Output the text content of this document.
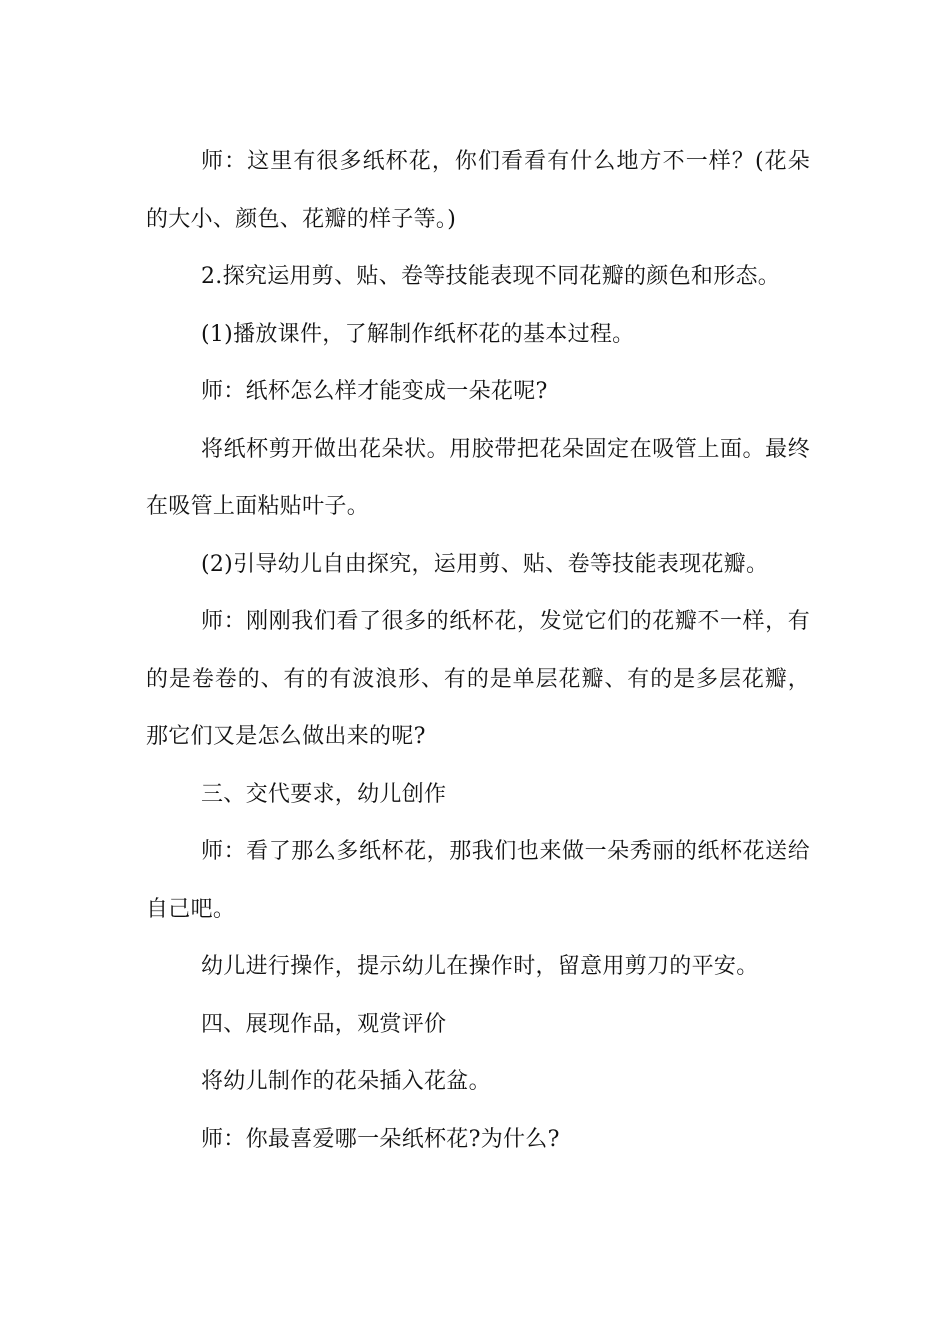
师：这里有很多纸杯花，你们看看有什么地方不一样？(花朵的大小、颜色、花瓣的样子等。)

2.探究运用剪、贴、卷等技能表现不同花瓣的颜色和形态。

(1)播放课件，了解制作纸杯花的基本过程。

师：纸杯怎么样才能变成一朵花呢?

将纸杯剪开做出花朵状。用胶带把花朵固定在吸管上面。最终在吸管上面粘贴叶子。

(2)引导幼儿自由探究，运用剪、贴、卷等技能表现花瓣。

师：刚刚我们看了很多的纸杯花，发觉它们的花瓣不一样，有的是卷卷的、有的有波浪形、有的是单层花瓣、有的是多层花瓣，那它们又是怎么做出来的呢?

三、交代要求，幼儿创作

师：看了那么多纸杯花，那我们也来做一朵秀丽的纸杯花送给自己吧。

幼儿进行操作，提示幼儿在操作时，留意用剪刀的平安。

四、展现作品，观赏评价

将幼儿制作的花朵插入花盆。

师：你最喜爱哪一朵纸杯花?为什么?
